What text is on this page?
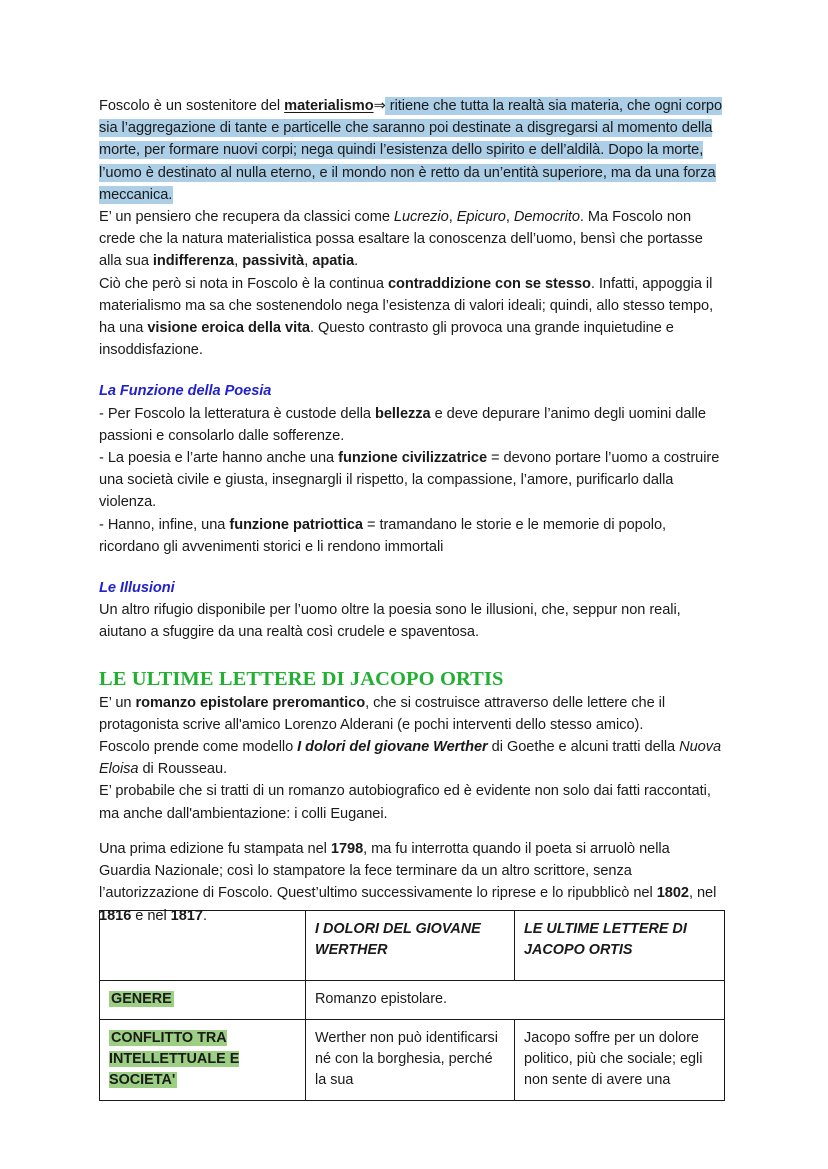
Foscolo è un sostenitore del materialismo⇒ ritiene che tutta la realtà sia materia, che ogni corpo sia l’aggregazione di tante e particelle che saranno poi destinate a disgregarsi al momento della morte, per formare nuovi corpi; nega quindi l’esistenza dello spirito e dell’aldilà. Dopo la morte, l’uomo è destinato al nulla eterno, e il mondo non è retto da un’entità superiore, ma da una forza meccanica.

E’ un pensiero che recupera da classici come Lucrezio, Epicuro, Democrito. Ma Foscolo non crede che la natura materialistica possa esaltare la conoscenza dell’uomo, bensì che portasse alla sua indifferenza, passività, apatia.

Ciò che però si nota in Foscolo è la continua contraddizione con se stesso. Infatti, appoggia il materialismo ma sa che sostenendolo nega l’esistenza di valori ideali; quindi, allo stesso tempo, ha una visione eroica della vita. Questo contrasto gli provoca una grande inquietudine e insoddisfazione.

La Funzione della Poesia

- Per Foscolo la letteratura è custode della bellezza e deve depurare l’animo degli uomini dalle passioni e consolarlo dalle sofferenze.

- La poesia e l’arte hanno anche una funzione civilizzatrice = devono portare l’uomo a costruire una società civile e giusta, insegnargli il rispetto, la compassione, l’amore, purificarlo dalla violenza.

- Hanno, infine, una funzione patriottica = tramandano le storie e le memorie di popolo, ricordano gli avvenimenti storici e li rendono immortali

Le Illusioni

Un altro rifugio disponibile per l’uomo oltre la poesia sono le illusioni, che, seppur non reali, aiutano a sfuggire da una realtà così crudele e spaventosa.

LE ULTIME LETTERE DI JACOPO ORTIS

E’ un romanzo epistolare preromantico, che si costruisce attraverso delle lettere che il protagonista scrive all'amico Lorenzo Alderani (e pochi interventi dello stesso amico).

Foscolo prende come modello I dolori del giovane Werther di Goethe e alcuni tratti della Nuova Eloisa di Rousseau.

E’ probabile che si tratti di un romanzo autobiografico ed è evidente non solo dai fatti raccontati, ma anche dall'ambientazione: i colli Euganei.

Una prima edizione fu stampata nel 1798, ma fu interrotta quando il poeta si arruolò nella Guardia Nazionale; così lo stampatore la fece terminare da un altro scrittore, senza l’autorizzazione di Foscolo. Quest’ultimo successivamente lo riprese e lo ripubblicò nel 1802, nel 1816 e nel 1817.

	I DOLORI DEL GIOVANE WERTHER	LE ULTIME LETTERE DI JACOPO ORTIS
GENERE	Romanzo epistolare.	
CONFLITTO TRA INTELLETTUALE E SOCIETA'	Werther non può identificarsi né con la borghesia, perché la sua	Jacopo soffre per un dolore politico, più che sociale; egli non sente di avere una
